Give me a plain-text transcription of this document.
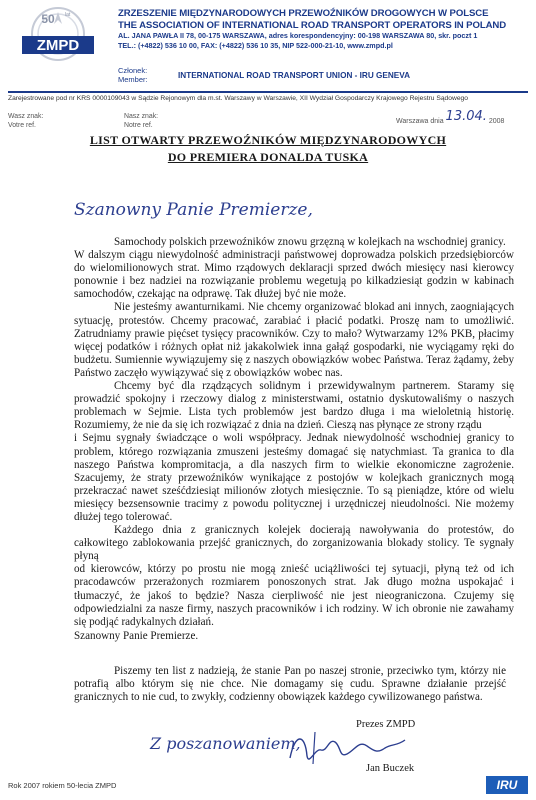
ZMPD
50 lat	ZRZESZENIE MIĘDZYNARODOWYCH PRZEWOŹNIKÓW DROGOWYCH W POLSCE
THE ASSOCIATION OF INTERNATIONAL ROAD TRANSPORT OPERATORS IN POLAND
AL. JANA PAWŁA II 78, 00-175 WARSZAWA, adres korespondencyjny: 00-198 WARSZAWA 80, skr. poczt 1
TEL.: (+4822) 536 10 00, FAX: (+4822) 536 10 35, NIP 522-000-21-10, www.zmpd.pl
Członek:
Member:	INTERNATIONAL ROAD TRANSPORT UNION - IRU GENEVA
Zarejestrowane pod nr KRS 0000109043 w Sądzie Rejonowym dla m.st. Warszawy w Warszawie, XII Wydział Gospodarczy Krajowego Rejestru Sądowego
Wasz znak:
Votre ref.
Nasz znak:
Notre ref.
Warszawa dnia 13.04. 2008
LIST OTWARTY PRZEWOŹNIKÓW MIĘDZYNARODOWYCH
DO PREMIERA DONALDA TUSKA
Szanowny Panie Premierze,

Samochody polskich przewoźników znowu grzęzną w kolejkach na wschodniej granicy.

W dalszym ciągu niewydolność administracji państwowej doprowadza polskich przedsiębiorców do wielomilionowych strat. Mimo rządowych deklaracji sprzed dwóch miesięcy nasi kierowcy ponownie i bez nadziei na rozwiązanie problemu wegetują po kilkadziesiąt godzin w kabinach samochodów, czekając na odprawę. Tak dłużej być nie może.

Nie jesteśmy awanturnikami. Nie chcemy organizować blokad ani innych, zaogniających sytuację, protestów. Chcemy pracować, zarabiać i płacić podatki. Proszę nam to umożliwić. Zatrudniamy prawie pięćset tysięcy pracowników. Czy to mało? Wytwarzamy 12% PKB, płacimy więcej podatków i różnych opłat niż jakakolwiek inna gałąź gospodarki, nie wyciągamy ręki do budżetu. Sumiennie wywiązujemy się z naszych obowiązków wobec Państwa. Teraz żądamy, żeby Państwo zaczęło wywiązywać się z obowiązków wobec nas.

Chcemy być dla rządzących solidnym i przewidywalnym partnerem. Staramy się prowadzić spokojny i rzeczowy dialog z ministerstwami, ostatnio dyskutowaliśmy o naszych problemach w Sejmie. Lista tych problemów jest bardzo długa i ma wieloletnią historię. Rozumiemy, że nie da się ich rozwiązać z dnia na dzień. Cieszą nas płynące ze strony rządu

i Sejmu sygnały świadczące o woli współpracy. Jednak niewydolność wschodniej granicy to problem, którego rozwiązania zmuszeni jesteśmy domagać się natychmiast. Ta granica to dla naszego Państwa kompromitacja, a dla naszych firm to wielkie ekonomiczne zagrożenie. Szacujemy, że straty przewoźników wynikające z postojów w kolejkach granicznych mogą przekraczać nawet sześćdziesiąt milionów złotych miesięcznie. To są pieniądze, które od wielu miesięcy bezsensownie tracimy z powodu politycznej i urzędniczej nieudolności. Nie możemy dłużej tego tolerować.

Każdego dnia z granicznych kolejek docierają nawoływania do protestów, do całkowitego zablokowania przejść granicznych, do zorganizowania blokady stolicy. Te sygnały płyną

od kierowców, którzy po prostu nie mogą znieść uciążliwości tej sytuacji, płyną też od ich pracodawców przerażonych rozmiarem ponoszonych strat. Jak długo można uspokajać i tłumaczyć, że jakoś to będzie? Nasza cierpliwość nie jest nieograniczona. Czujemy się odpowiedzialni za nasze firmy, naszych pracowników i ich rodziny. W ich obronie nie zawahamy się podjąć radykalnych działań.

Szanowny Panie Premierze.
Piszemy ten list z nadzieją, że stanie Pan po naszej stronie, przeciwko tym, którzy nie potrafią albo którym się nie chce. Nie domagamy się cudu. Sprawne działanie przejść granicznych to nie cud, to zwykły, codzienny obowiązek każdego cywilizowanego państwa.
Prezes ZMPD
Z poszanowaniem,
Jan Buczek
Rok 2007 rokiem 50-lecia ZMPD	IRU
